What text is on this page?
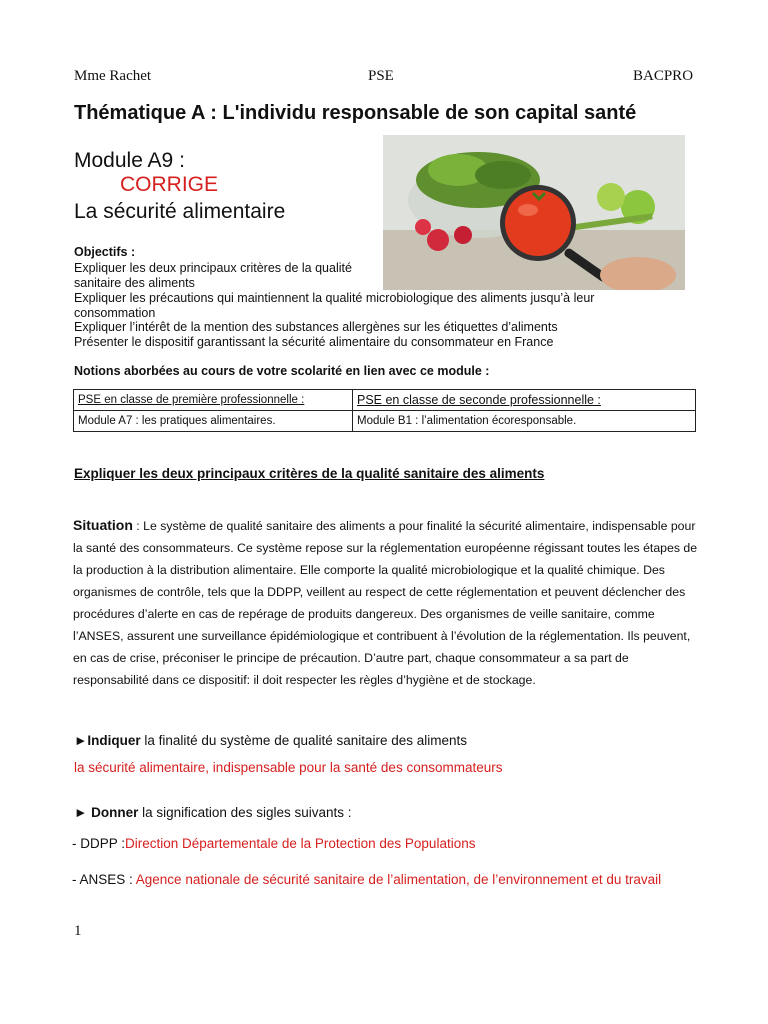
Mme Rachet	PSE	BACPRO
Thématique A : L'individu responsable de son capital santé
Module A9 :
CORRIGE
La sécurité alimentaire
Objectifs :
Expliquer les deux principaux critères de la qualité
sanitaire des aliments
Expliquer les précautions qui maintiennent la qualité microbiologique des aliments jusqu’à leur
consommation
Expliquer l’intérêt de la mention des substances allergènes sur les étiquettes d’aliments
Présenter le dispositif garantissant la sécurité alimentaire du consommateur en France
Notions aborbées au cours de votre scolarité en lien avec ce module :
PSE en classe de première professionnelle :	PSE en classe de seconde professionnelle :
Module A7 : les pratiques alimentaires.	Module B1 : l’alimentation écoresponsable.
Expliquer les deux principaux critères de la qualité sanitaire des aliments
Situation : Le système de qualité sanitaire des aliments a pour finalité la sécurité alimentaire, indispensable pour la santé des consommateurs. Ce système repose sur la réglementation européenne régissant toutes les étapes de la production à la distribution alimentaire. Elle comporte la qualité microbiologique et la qualité chimique. Des organismes de contrôle, tels que la DDPP, veillent au respect de cette réglementation et peuvent déclencher des procédures d’alerte en cas de repérage de produits dangereux. Des organismes de veille sanitaire, comme l’ANSES, assurent une surveillance épidémiologique et contribuent à l’évolution de la réglementation. Ils peuvent, en cas de crise, préconiser le principe de précaution. D’autre part, chaque consommateur a sa part de responsabilité dans ce dispositif: il doit respecter les règles d’hygiène et de stockage.
►Indiquer la finalité du système de qualité sanitaire des aliments
la sécurité alimentaire, indispensable pour la santé des consommateurs
► Donner la signification des sigles suivants :
- DDPP :Direction Départementale de la Protection des Populations
- ANSES : Agence nationale de sécurité sanitaire de l’alimentation, de l’environnement et du travail
1
